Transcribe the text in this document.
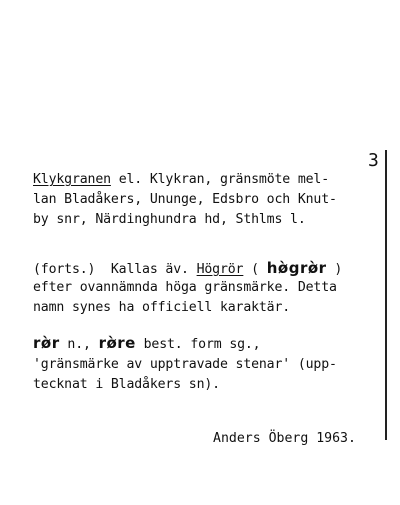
3
Klykgranen el. Klykran, gränsmöte mel-
lan Bladåkers, Ununge, Edsbro och Knut-
by snr, Närdinghundra hd, Sthlms l.
(forts.)  Kallas äv. Högrör ( hø̀grø̀r )
efter ovannämnda höga gränsmärke. Detta
namn synes ha officiell karaktär.
rø̀r n., rø̀re best. form sg.,
'gränsmärke av upptravade stenar' (upp-
tecknat i Bladåkers sn).
Anders Öberg 1963.
